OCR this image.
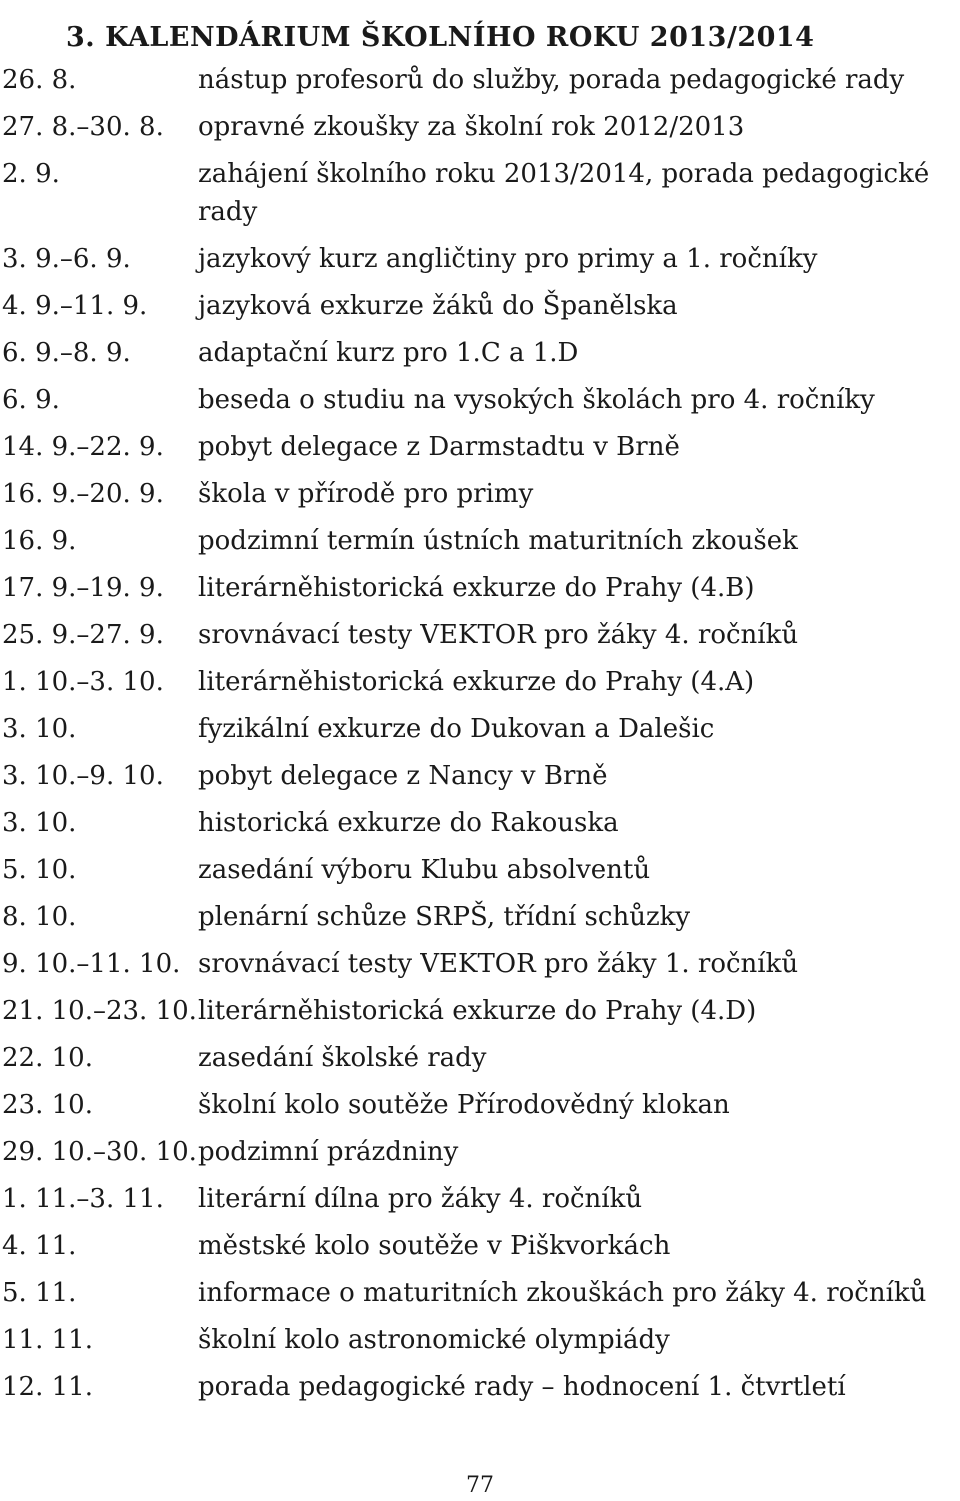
3. KALENDÁRIUM ŠKOLNÍHO ROKU 2013/2014
26. 8.	nástup profesorů do služby, porada pedagogické rady
27. 8.–30. 8.	opravné zkoušky za školní rok 2012/2013
2. 9.	zahájení školního roku 2013/2014, porada pedagogické rady
3. 9.–6. 9.	jazykový kurz angličtiny pro primy a 1. ročníky
4. 9.–11. 9.	jazyková exkurze žáků do Španělska
6. 9.–8. 9.	adaptační kurz pro 1.C a 1.D
6. 9.	beseda o studiu na vysokých školách pro 4. ročníky
14. 9.–22. 9.	pobyt delegace z Darmstadtu v Brně
16. 9.–20. 9.	škola v přírodě pro primy
16. 9.	podzimní termín ústních maturitních zkoušek
17. 9.–19. 9.	literárněhistorická exkurze do Prahy (4.B)
25. 9.–27. 9.	srovnávací testy VEKTOR pro žáky 4. ročníků
1. 10.–3. 10.	literárněhistorická exkurze do Prahy (4.A)
3. 10.	fyzikální exkurze do Dukovan a Dalešic
3. 10.–9. 10.	pobyt delegace z Nancy v Brně
3. 10.	historická exkurze do Rakouska
5. 10.	zasedání výboru Klubu absolventů
8. 10.	plenární schůze SRPŠ, třídní schůzky
9. 10.–11. 10. srovnávací testy VEKTOR pro žáky 1. ročníků
21. 10.–23. 10. literárněhistorická exkurze do Prahy (4.D)
22. 10.	zasedání školské rady
23. 10.	školní kolo soutěže Přírodovědný klokan
29. 10.–30. 10. podzimní prázdniny
1. 11.–3. 11.	literární dílna pro žáky 4. ročníků
4. 11.	městské kolo soutěže v Piškvorkách
5. 11.	informace o maturitních zkouškách pro žáky 4. ročníků
11. 11.	školní kolo astronomické olympiády
12. 11.	porada pedagogické rady – hodnocení 1. čtvrtletí
77
